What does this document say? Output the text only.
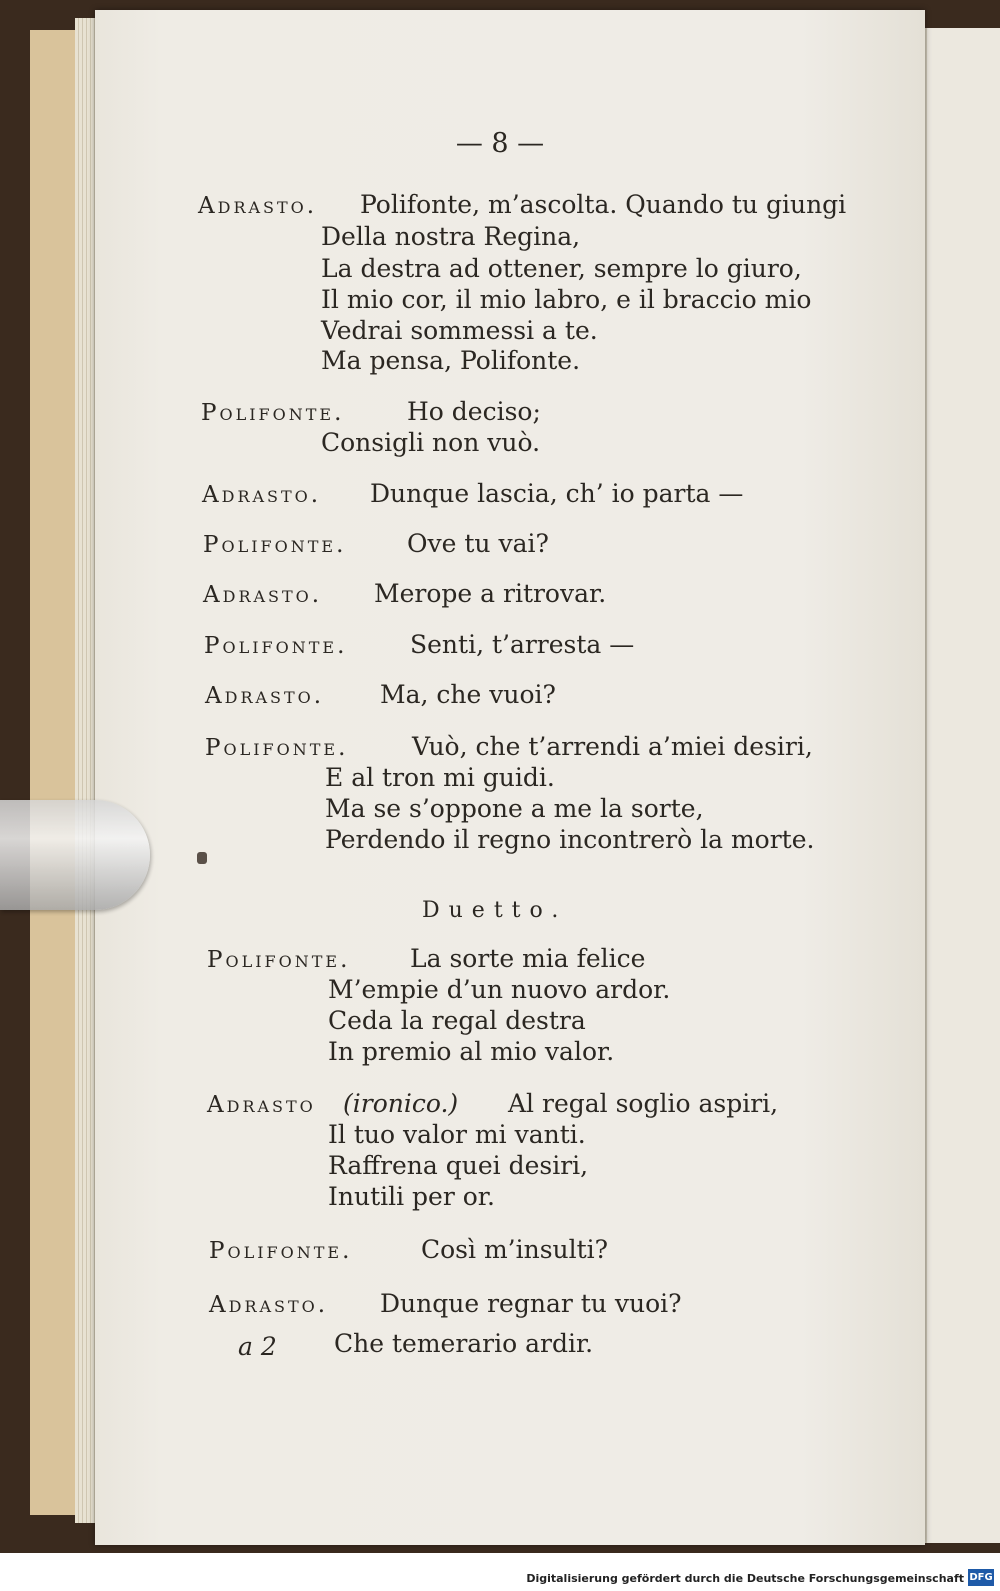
— 8 —
Adrasto. Polifonte, m’ascolta. Quando tu giungi
Della nostra Regina,
La destra ad ottener, sempre lo giuro,
Il mio cor, il mio labro, e il braccio mio
Vedrai sommessi a te.
Ma pensa, Polifonte.
Polifonte.	Ho deciso;
Consigli non vuò.
Adrasto. Dunque lascia, ch’ io parta —
Polifonte. Ove tu vai?
Adrasto. Merope a ritrovar.
Polifonte.	Senti, t’arresta —
Adrasto. Ma, che vuoi?
Polifonte.	Vuò, che t’arrendi a’miei desiri,
E al tron mi guidi.
Ma se s’oppone a me la sorte,
Perdendo il regno incontrerò la morte.
Duetto.
Polifonte. La sorte mia felice
M’empie d’un nuovo ardor.
Ceda la regal destra
In premio al mio valor.
Adrasto (ironico.) Al regal soglio aspiri,
Il tuo valor mi vanti.
Raffrena quei desiri,
Inutili per or.
Polifonte.	Così m’insulti?
Adrasto. Dunque regnar tu vuoi?
a 2 Che temerario ardir.
Digitalisierung gefördert durch die Deutsche Forschungsgemeinschaft DFG
